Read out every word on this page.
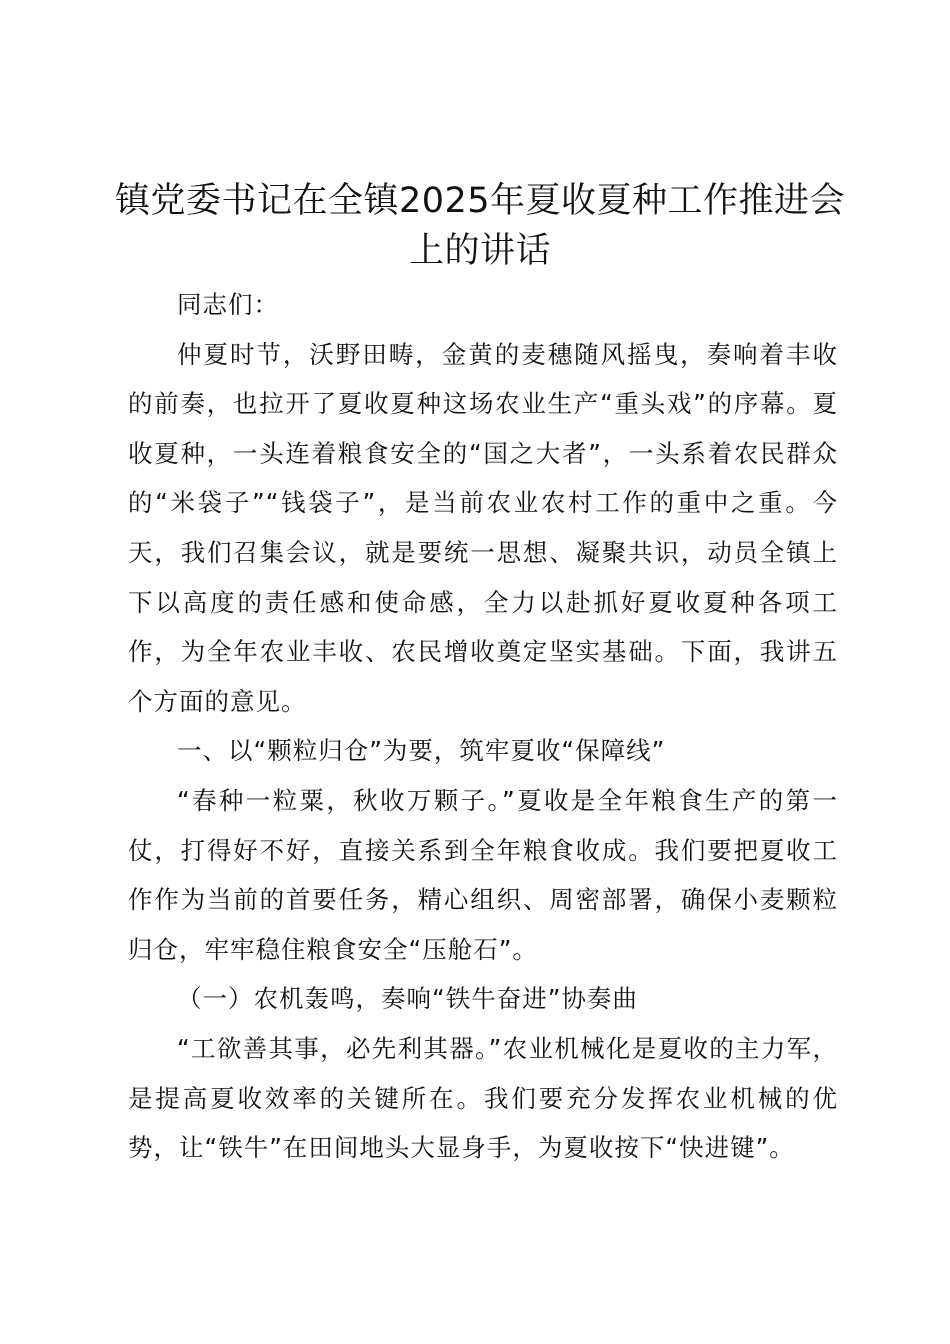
镇党委书记在全镇2025年夏收夏种工作推进会上的讲话

同志们：

仲夏时节，沃野田畴，金黄的麦穗随风摇曳，奏响着丰收的前奏，也拉开了夏收夏种这场农业生产“重头戏”的序幕。夏收夏种，一头连着粮食安全的“国之大者”，一头系着农民群众的“米袋子”“钱袋子”，是当前农业农村工作的重中之重。今天，我们召集会议，就是要统一思想、凝聚共识，动员全镇上下以高度的责任感和使命感，全力以赴抓好夏收夏种各项工作，为全年农业丰收、农民增收奠定坚实基础。下面，我讲五个方面的意见。

一、以“颗粒归仓”为要，筑牢夏收“保障线”

“春种一粒粟，秋收万颗子。”夏收是全年粮食生产的第一仗，打得好不好，直接关系到全年粮食收成。我们要把夏收工作作为当前的首要任务，精心组织、周密部署，确保小麦颗粒归仓，牢牢稳住粮食安全“压舱石”。

（一）农机轰鸣，奏响“铁牛奋进”协奏曲

“工欲善其事，必先利其器。”农业机械化是夏收的主力军，是提高夏收效率的关键所在。我们要充分发挥农业机械的优势，让“铁牛”在田间地头大显身手，为夏收按下“快进键”。
